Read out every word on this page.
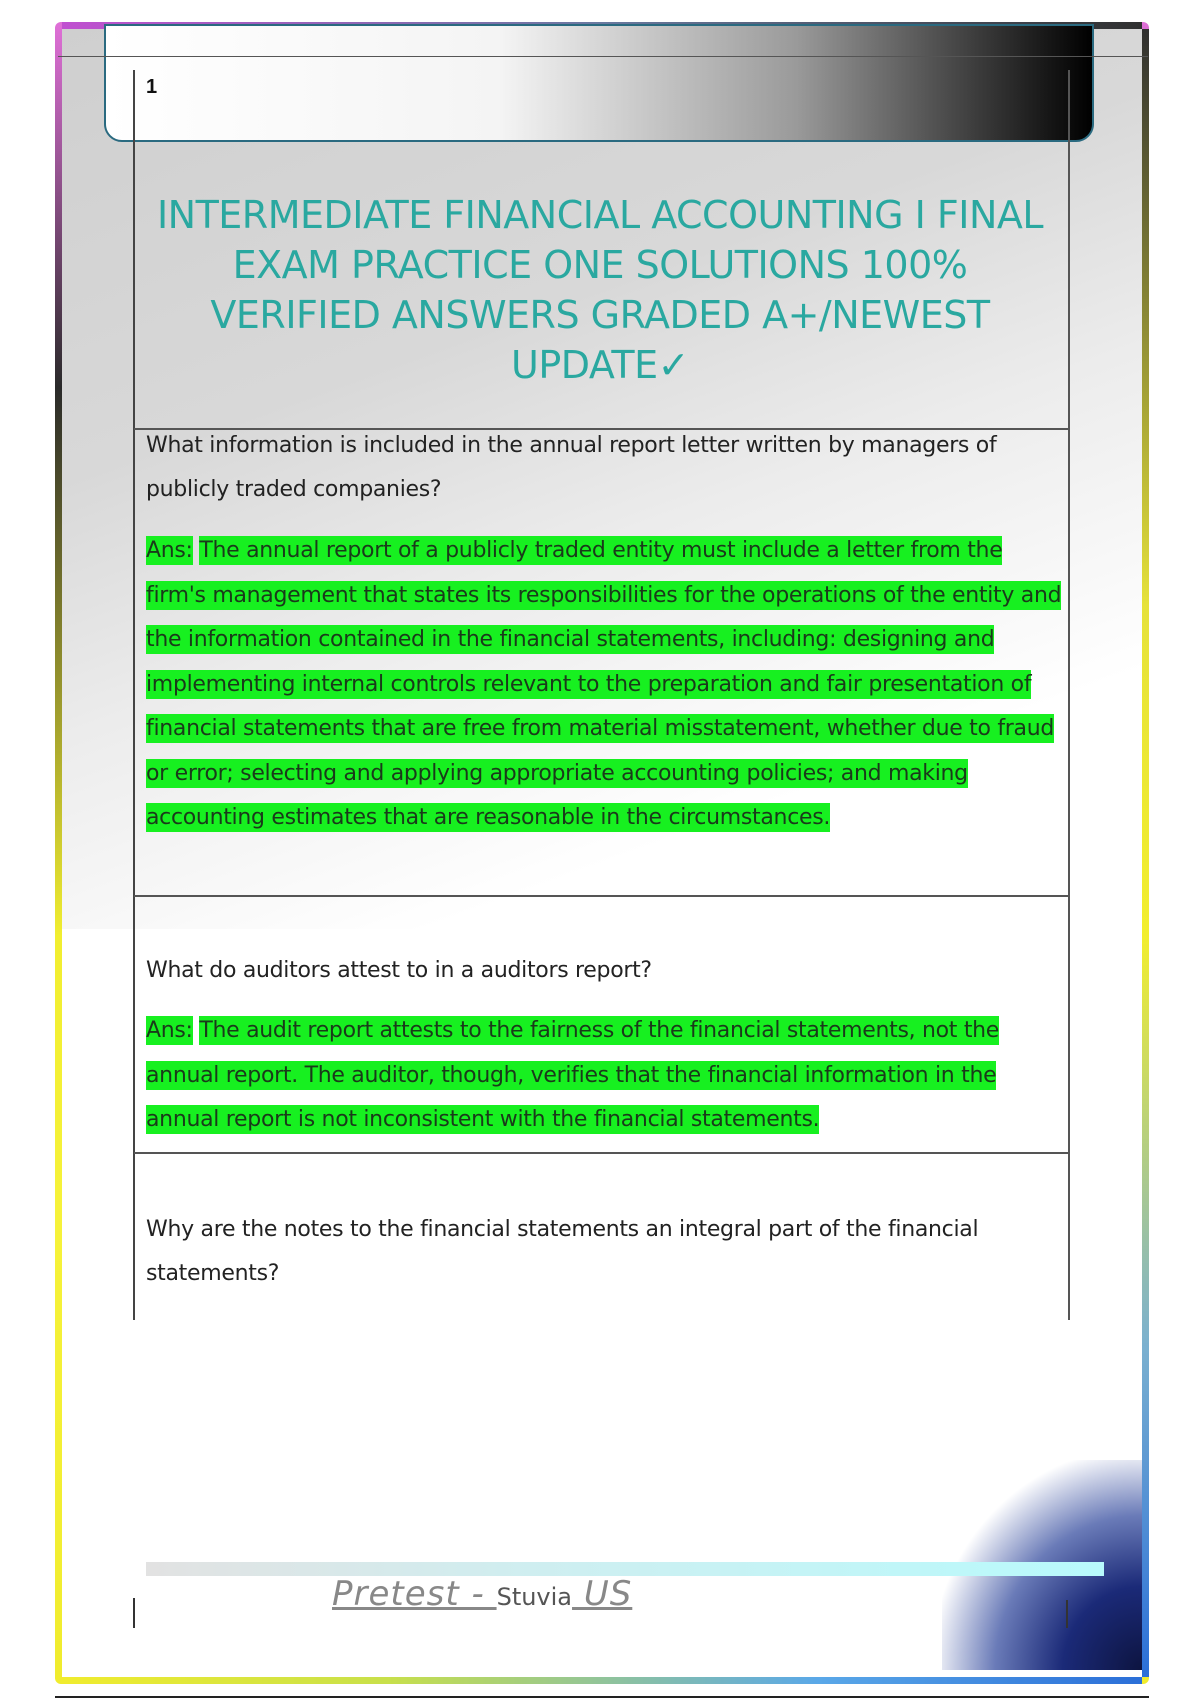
1
INTERMEDIATE FINANCIAL ACCOUNTING I FINAL EXAM PRACTICE ONE SOLUTIONS 100% VERIFIED ANSWERS GRADED A+/NEWEST UPDATE✓
What information is included in the annual report letter written by managers of publicly traded companies?
Ans: The annual report of a publicly traded entity must include a letter from the firm's management that states its responsibilities for the operations of the entity and the information contained in the financial statements, including: designing and implementing internal controls relevant to the preparation and fair presentation of financial statements that are free from material misstatement, whether due to fraud or error; selecting and applying appropriate accounting policies; and making accounting estimates that are reasonable in the circumstances.
What do auditors attest to in a auditors report?
Ans: The audit report attests to the fairness of the financial statements, not the annual report. The auditor, though, verifies that the financial information in the annual report is not inconsistent with the financial statements.
Why are the notes to the financial statements an integral part of the financial statements?
Pretest - Stuvia US
